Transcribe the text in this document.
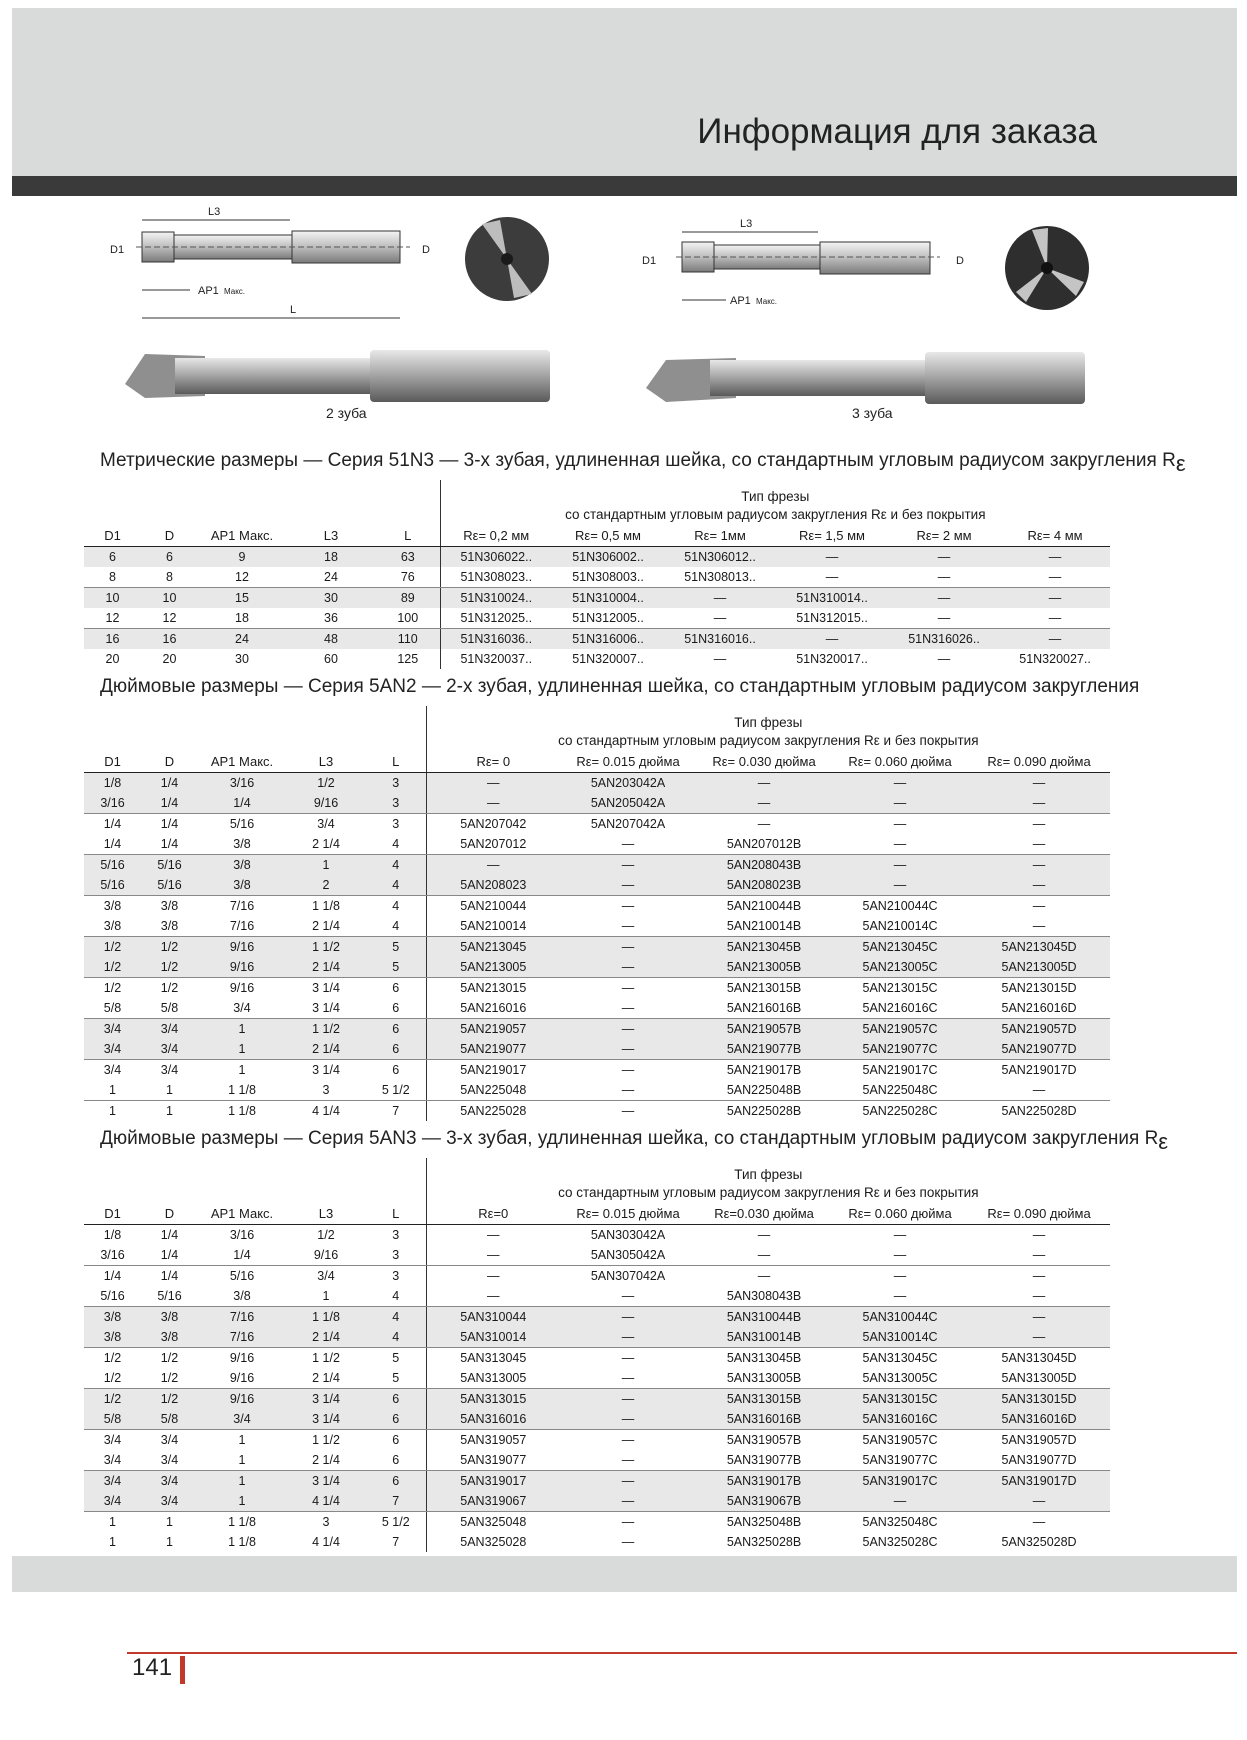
Информация для заказа
L3
D1	D
AP1 Макс.
L
2 зуба
L3
D1	D
AP1 Макс.
3 зуба
Метрические размеры — Серия 51N3 — 3-х зубая, удлиненная шейка, со стандартным угловым радиусом закругления $R_\varepsilon$

					Тип фрезы
со стандартным угловым радиусом закругления Rε и без покрытия					

D1	D	AP1 Макс.	L3	L	Rε= 0,2 мм	Rε= 0,5 мм	Rε= 1мм	Rε= 1,5 мм	Rε= 2 мм	Rε= 4 мм
6	6	9	18	63	51N306022..	51N306002..	51N306012..	—	—	—
8	8	12	24	76	51N308023..	51N308003..	51N308013..	—	—	—
10	10	15	30	89	51N310024..	51N310004..	—	51N310014..	—	—
12	12	18	36	100	51N312025..	51N312005..	—	51N312015..	—	—
16	16	24	48	110	51N316036..	51N316006..	51N316016..	—	51N316026..	—
20	20	30	60	125	51N320037..	51N320007..	—	51N320017..	—	51N320027..
Дюймовые размеры — Серия 5AN2 — 2-х зубая, удлиненная шейка, со стандартным угловым радиусом закругления

					Тип фрезы
со стандартным угловым радиусом закругления Rε и без покрытия				

D1	D	AP1 Макс.	L3	L	Rε= 0	Rε= 0.015 дюйма	Rε= 0.030 дюйма	Rε= 0.060 дюйма	Rε= 0.090 дюйма
1/8	1/4	3/16	1/2	3	—	5AN203042A	—	—	—
3/16	1/4	1/4	9/16	3	—	5AN205042A	—	—	—
1/4	1/4	5/16	3/4	3	5AN207042	5AN207042A	—	—	—
1/4	1/4	3/8	2 1/4	4	5AN207012	—	5AN207012B	—	—
5/16	5/16	3/8	1	4	—	—	5AN208043B	—	—
5/16	5/16	3/8	2	4	5AN208023	—	5AN208023B	—	—
3/8	3/8	7/16	1 1/8	4	5AN210044	—	5AN210044B	5AN210044C	—
3/8	3/8	7/16	2 1/4	4	5AN210014	—	5AN210014B	5AN210014C	—
1/2	1/2	9/16	1 1/2	5	5AN213045	—	5AN213045B	5AN213045C	5AN213045D
1/2	1/2	9/16	2 1/4	5	5AN213005	—	5AN213005B	5AN213005C	5AN213005D
1/2	1/2	9/16	3 1/4	6	5AN213015	—	5AN213015B	5AN213015C	5AN213015D
5/8	5/8	3/4	3 1/4	6	5AN216016	—	5AN216016B	5AN216016C	5AN216016D
3/4	3/4	1	1 1/2	6	5AN219057	—	5AN219057B	5AN219057C	5AN219057D
3/4	3/4	1	2 1/4	6	5AN219077	—	5AN219077B	5AN219077C	5AN219077D
3/4	3/4	1	3 1/4	6	5AN219017	—	5AN219017B	5AN219017C	5AN219017D
1	1	1 1/8	3	5 1/2	5AN225048	—	5AN225048B	5AN225048C	—
1	1	1 1/8	4 1/4	7	5AN225028	—	5AN225028B	5AN225028C	5AN225028D
Дюймовые размеры — Серия 5AN3 — 3-х зубая, удлиненная шейка, со стандартным угловым радиусом закругления $R_\varepsilon$

					Тип фрезы
со стандартным угловым радиусом закругления Rε и без покрытия				

D1	D	AP1 Макс.	L3	L	Rε=0	Rε= 0.015 дюйма	Rε=0.030 дюйма	Rε= 0.060 дюйма	Rε= 0.090 дюйма
1/8	1/4	3/16	1/2	3	—	5AN303042A	—	—	—
3/16	1/4	1/4	9/16	3	—	5AN305042A	—	—	—
1/4	1/4	5/16	3/4	3	—	5AN307042A	—	—	—
5/16	5/16	3/8	1	4	—	—	5AN308043B	—	—
3/8	3/8	7/16	1 1/8	4	5AN310044	—	5AN310044B	5AN310044C	—
3/8	3/8	7/16	2 1/4	4	5AN310014	—	5AN310014B	5AN310014C	—
1/2	1/2	9/16	1 1/2	5	5AN313045	—	5AN313045B	5AN313045C	5AN313045D
1/2	1/2	9/16	2 1/4	5	5AN313005	—	5AN313005B	5AN313005C	5AN313005D
1/2	1/2	9/16	3 1/4	6	5AN313015	—	5AN313015B	5AN313015C	5AN313015D
5/8	5/8	3/4	3 1/4	6	5AN316016	—	5AN316016B	5AN316016C	5AN316016D
3/4	3/4	1	1 1/2	6	5AN319057	—	5AN319057B	5AN319057C	5AN319057D
3/4	3/4	1	2 1/4	6	5AN319077	—	5AN319077B	5AN319077C	5AN319077D
3/4	3/4	1	3 1/4	6	5AN319017	—	5AN319017B	5AN319017C	5AN319017D
3/4	3/4	1	4 1/4	7	5AN319067	—	5AN319067B	—	—
1	1	1 1/8	3	5 1/2	5AN325048	—	5AN325048B	5AN325048C	—
1	1	1 1/8	4 1/4	7	5AN325028	—	5AN325028B	5AN325028C	5AN325028D
141
